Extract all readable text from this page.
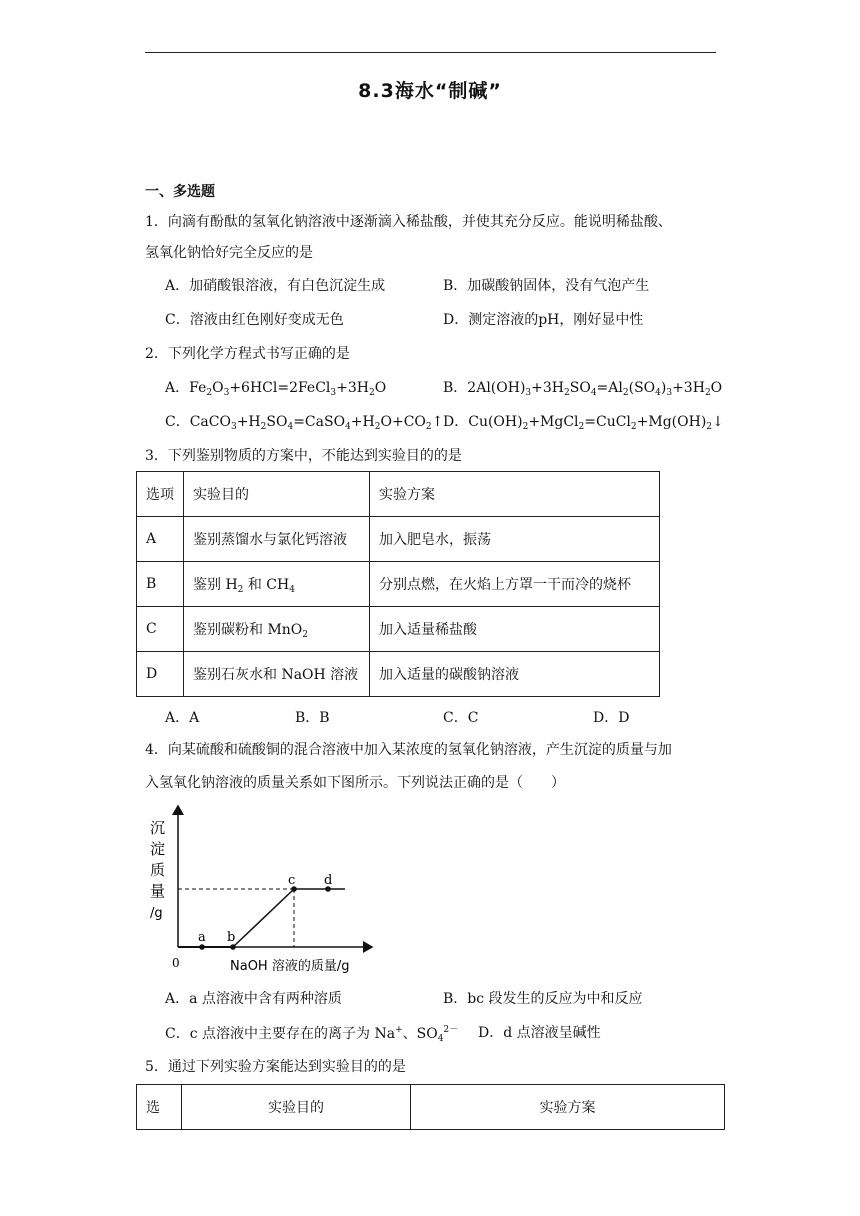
8.3海水“制碱”
一、多选题
1．向滴有酚酞的氢氧化钠溶液中逐渐滴入稀盐酸，并使其充分反应。能说明稀盐酸、
氢氧化钠恰好完全反应的是
A．加硝酸银溶液，有白色沉淀生成	B．加碳酸钠固体，没有气泡产生
C．溶液由红色刚好变成无色	D．测定溶液的pH，刚好显中性
2．下列化学方程式书写正确的是
A．$Fe_2O_3+6HCl=2FeCl_3+3H_2O$	B．$2Al(OH)_3+3H_2SO_4=Al_2(SO_4)_3+3H_2O$
C．$CaCO_3+H_2SO_4=CaSO_4+H_2O+CO_2↑$ D．$Cu(OH)_2+MgCl_2=CuCl_2+Mg(OH)_2↓$
3．下列鉴别物质的方案中，不能达到实验目的的是
选项	实验目的	实验方案
A	鉴别蒸馏水与氯化钙溶液	加入肥皂水，振荡
B	鉴别 $H_2$ 和 $CH_4$	分别点燃，在火焰上方罩一干而冷的烧杯
C	鉴别碳粉和 MnO$_2$	加入适量稀盐酸
D	鉴别石灰水和 NaOH 溶液	加入适量的碳酸钠溶液
A．A	B．B	C．C	D．D
4．向某硫酸和硫酸铜的混合溶液中加入某浓度的氢氧化钠溶液，产生沉淀的质量与加
入氢氧化钠溶液的质量关系如下图所示。下列说法正确的是（　　）
沉
淀
质
量
/g
0	NaOH 溶液的质量/g
a b
c d
A．a 点溶液中含有两种溶质	B．bc 段发生的反应为中和反应
C．c 点溶液中主要存在的离子为 Na+、$SO_4^{2-}$ D．d 点溶液呈碱性
5．通过下列实验方案能达到实验目的的是
选	实验目的	实验方案
